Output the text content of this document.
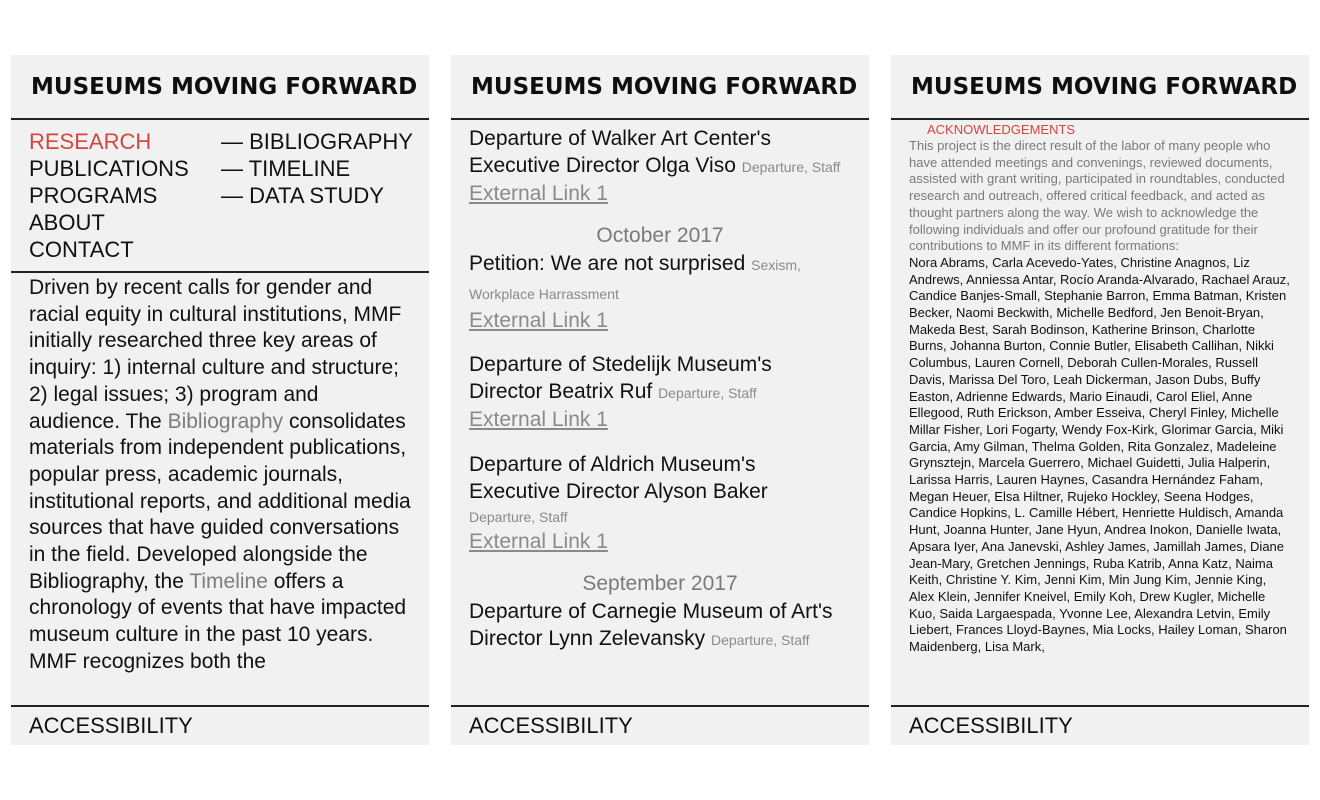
MUSEUMS MOVING FORWARD
RESEARCH
PUBLICATIONS
PROGRAMS
ABOUT
CONTACT
— BIBLIOGRAPHY
— TIMELINE
— DATA STUDY
Driven by recent calls for gender and racial equity in cultural institutions, MMF initially researched three key areas of inquiry: 1) internal culture and structure; 2) legal issues; 3) program and audience. The Bibliography consolidates materials from independent publications, popular press, academic journals, institutional reports, and additional media sources that have guided conversations in the field. Developed alongside the Bibliography, the Timeline offers a chronology of events that have impacted museum culture in the past 10 years. MMF recognizes both the
ACCESSIBILITY
MUSEUMS MOVING FORWARD
Departure of Walker Art Center's Executive Director Olga Viso Departure, Staff
External Link 1
October 2017
Petition: We are not surprised Sexism, Workplace Harrassment
External Link 1
Departure of Stedelijk Museum's Director Beatrix Ruf Departure, Staff
External Link 1
Departure of Aldrich Museum's Executive Director Alyson Baker
Departure, Staff
External Link 1
September 2017
Departure of Carnegie Museum of Art's Director Lynn Zelevansky Departure, Staff
ACCESSIBILITY
MUSEUMS MOVING FORWARD
ACKNOWLEDGEMENTS
This project is the direct result of the labor of many people who have attended meetings and convenings, reviewed documents, assisted with grant writing, participated in roundtables, conducted research and outreach, offered critical feedback, and acted as thought partners along the way. We wish to acknowledge the following individuals and offer our profound gratitude for their contributions to MMF in its different formations:
Nora Abrams, Carla Acevedo-Yates, Christine Anagnos, Liz Andrews, Anniessa Antar, Rocío Aranda-Alvarado, Rachael Arauz, Candice Banjes-Small, Stephanie Barron, Emma Batman, Kristen Becker, Naomi Beckwith, Michelle Bedford, Jen Benoit-Bryan, Makeda Best, Sarah Bodinson, Katherine Brinson, Charlotte Burns, Johanna Burton, Connie Butler, Elisabeth Callihan, Nikki Columbus, Lauren Cornell, Deborah Cullen-Morales, Russell Davis, Marissa Del Toro, Leah Dickerman, Jason Dubs, Buffy Easton, Adrienne Edwards, Mario Einaudi, Carol Eliel, Anne Ellegood, Ruth Erickson, Amber Esseiva, Cheryl Finley, Michelle Millar Fisher, Lori Fogarty, Wendy Fox-Kirk, Glorimar Garcia, Miki Garcia, Amy Gilman, Thelma Golden, Rita Gonzalez, Madeleine Grynsztejn, Marcela Guerrero, Michael Guidetti, Julia Halperin, Larissa Harris, Lauren Haynes, Casandra Hernández Faham, Megan Heuer, Elsa Hiltner, Rujeko Hockley, Seena Hodges, Candice Hopkins, L. Camille Hébert, Henriette Huldisch, Amanda Hunt, Joanna Hunter, Jane Hyun, Andrea Inokon, Danielle Iwata, Apsara Iyer, Ana Janevski, Ashley James, Jamillah James, Diane Jean-Mary, Gretchen Jennings, Ruba Katrib, Anna Katz, Naima Keith, Christine Y. Kim, Jenni Kim, Min Jung Kim, Jennie King, Alex Klein, Jennifer Kneivel, Emily Koh, Drew Kugler, Michelle Kuo, Saida Largaespada, Yvonne Lee, Alexandra Letvin, Emily Liebert, Frances Lloyd-Baynes, Mia Locks, Hailey Loman, Sharon Maidenberg, Lisa Mark,
ACCESSIBILITY
